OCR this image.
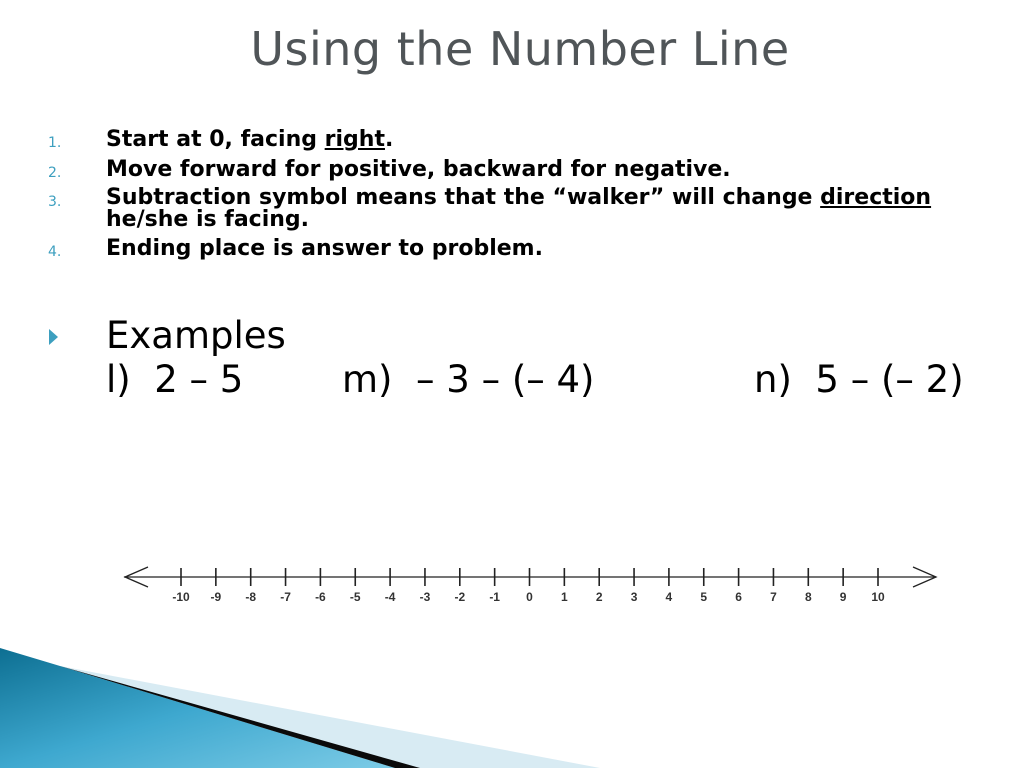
Using the Number Line
1. Start at 0, facing right.
2. Move forward for positive, backward for negative.
3. Subtraction symbol means that the “walker” will change direction
he/she is facing.
4. Ending place is answer to problem.
Examples
l)  2 – 5	m)  – 3 – (– 4)	n)  5 – (– 2)
-10 -9 -8 -7 -6 -5 -4 -3 -2 -1 0 1 2 3 4 5 6 7 8 9 10
